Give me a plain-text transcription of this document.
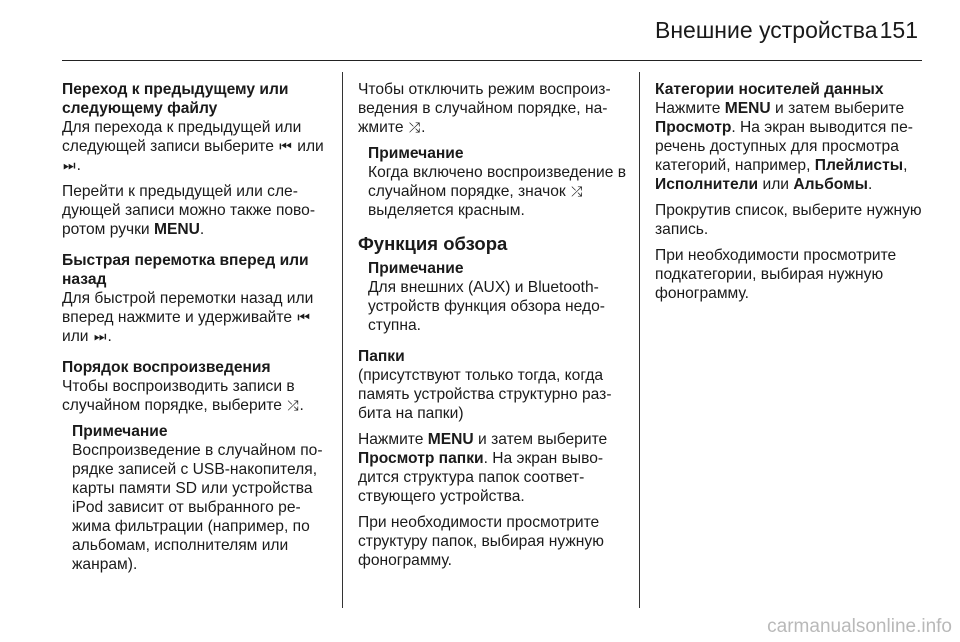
Внешние устройства 151
Переход к предыдущему или следующему файлу

Для перехода к предыдущей или следующей записи выберите ⏮ или ⏭.

Перейти к предыдущей или следующей записи можно также поворотом ручки MENU.

Быстрая перемотка вперед или назад

Для быстрой перемотки назад или вперед нажмите и удерживайте ⏮ или ⏭.

Порядок воспроизведения

Чтобы воспроизводить записи в случайном порядке, выберите ⤮.

Примечание
Воспроизведение в случайном порядке записей с USB-накопителя, карты памяти SD или устройства iPod зависит от выбранного режима фильтрации (например, по альбомам, исполнителям или жанрам).

Чтобы отключить режим воспроизведения в случайном порядке, нажмите ⤮.

Примечание
Когда включено воспроизведение в случайном порядке, значок ⤮ выделяется красным.
Функция обзора
Примечание
Для внешних (AUX) и Bluetooth-устройств функция обзора недоступна.
Папки

(присутствуют только тогда, когда память устройства структурно разбита на папки)

Нажмите MENU и затем выберите Просмотр папки. На экран выводится структура папок соответствующего устройства.

При необходимости просмотрите структуру папок, выбирая нужную фонограмму.

Категории носителей данных

Нажмите MENU и затем выберите Просмотр. На экран выводится перечень доступных для просмотра категорий, например, Плейлисты, Исполнители или Альбомы.

Прокрутив список, выберите нужную запись.

При необходимости просмотрите подкатегории, выбирая нужную фонограмму.

carmanualsonline.info
